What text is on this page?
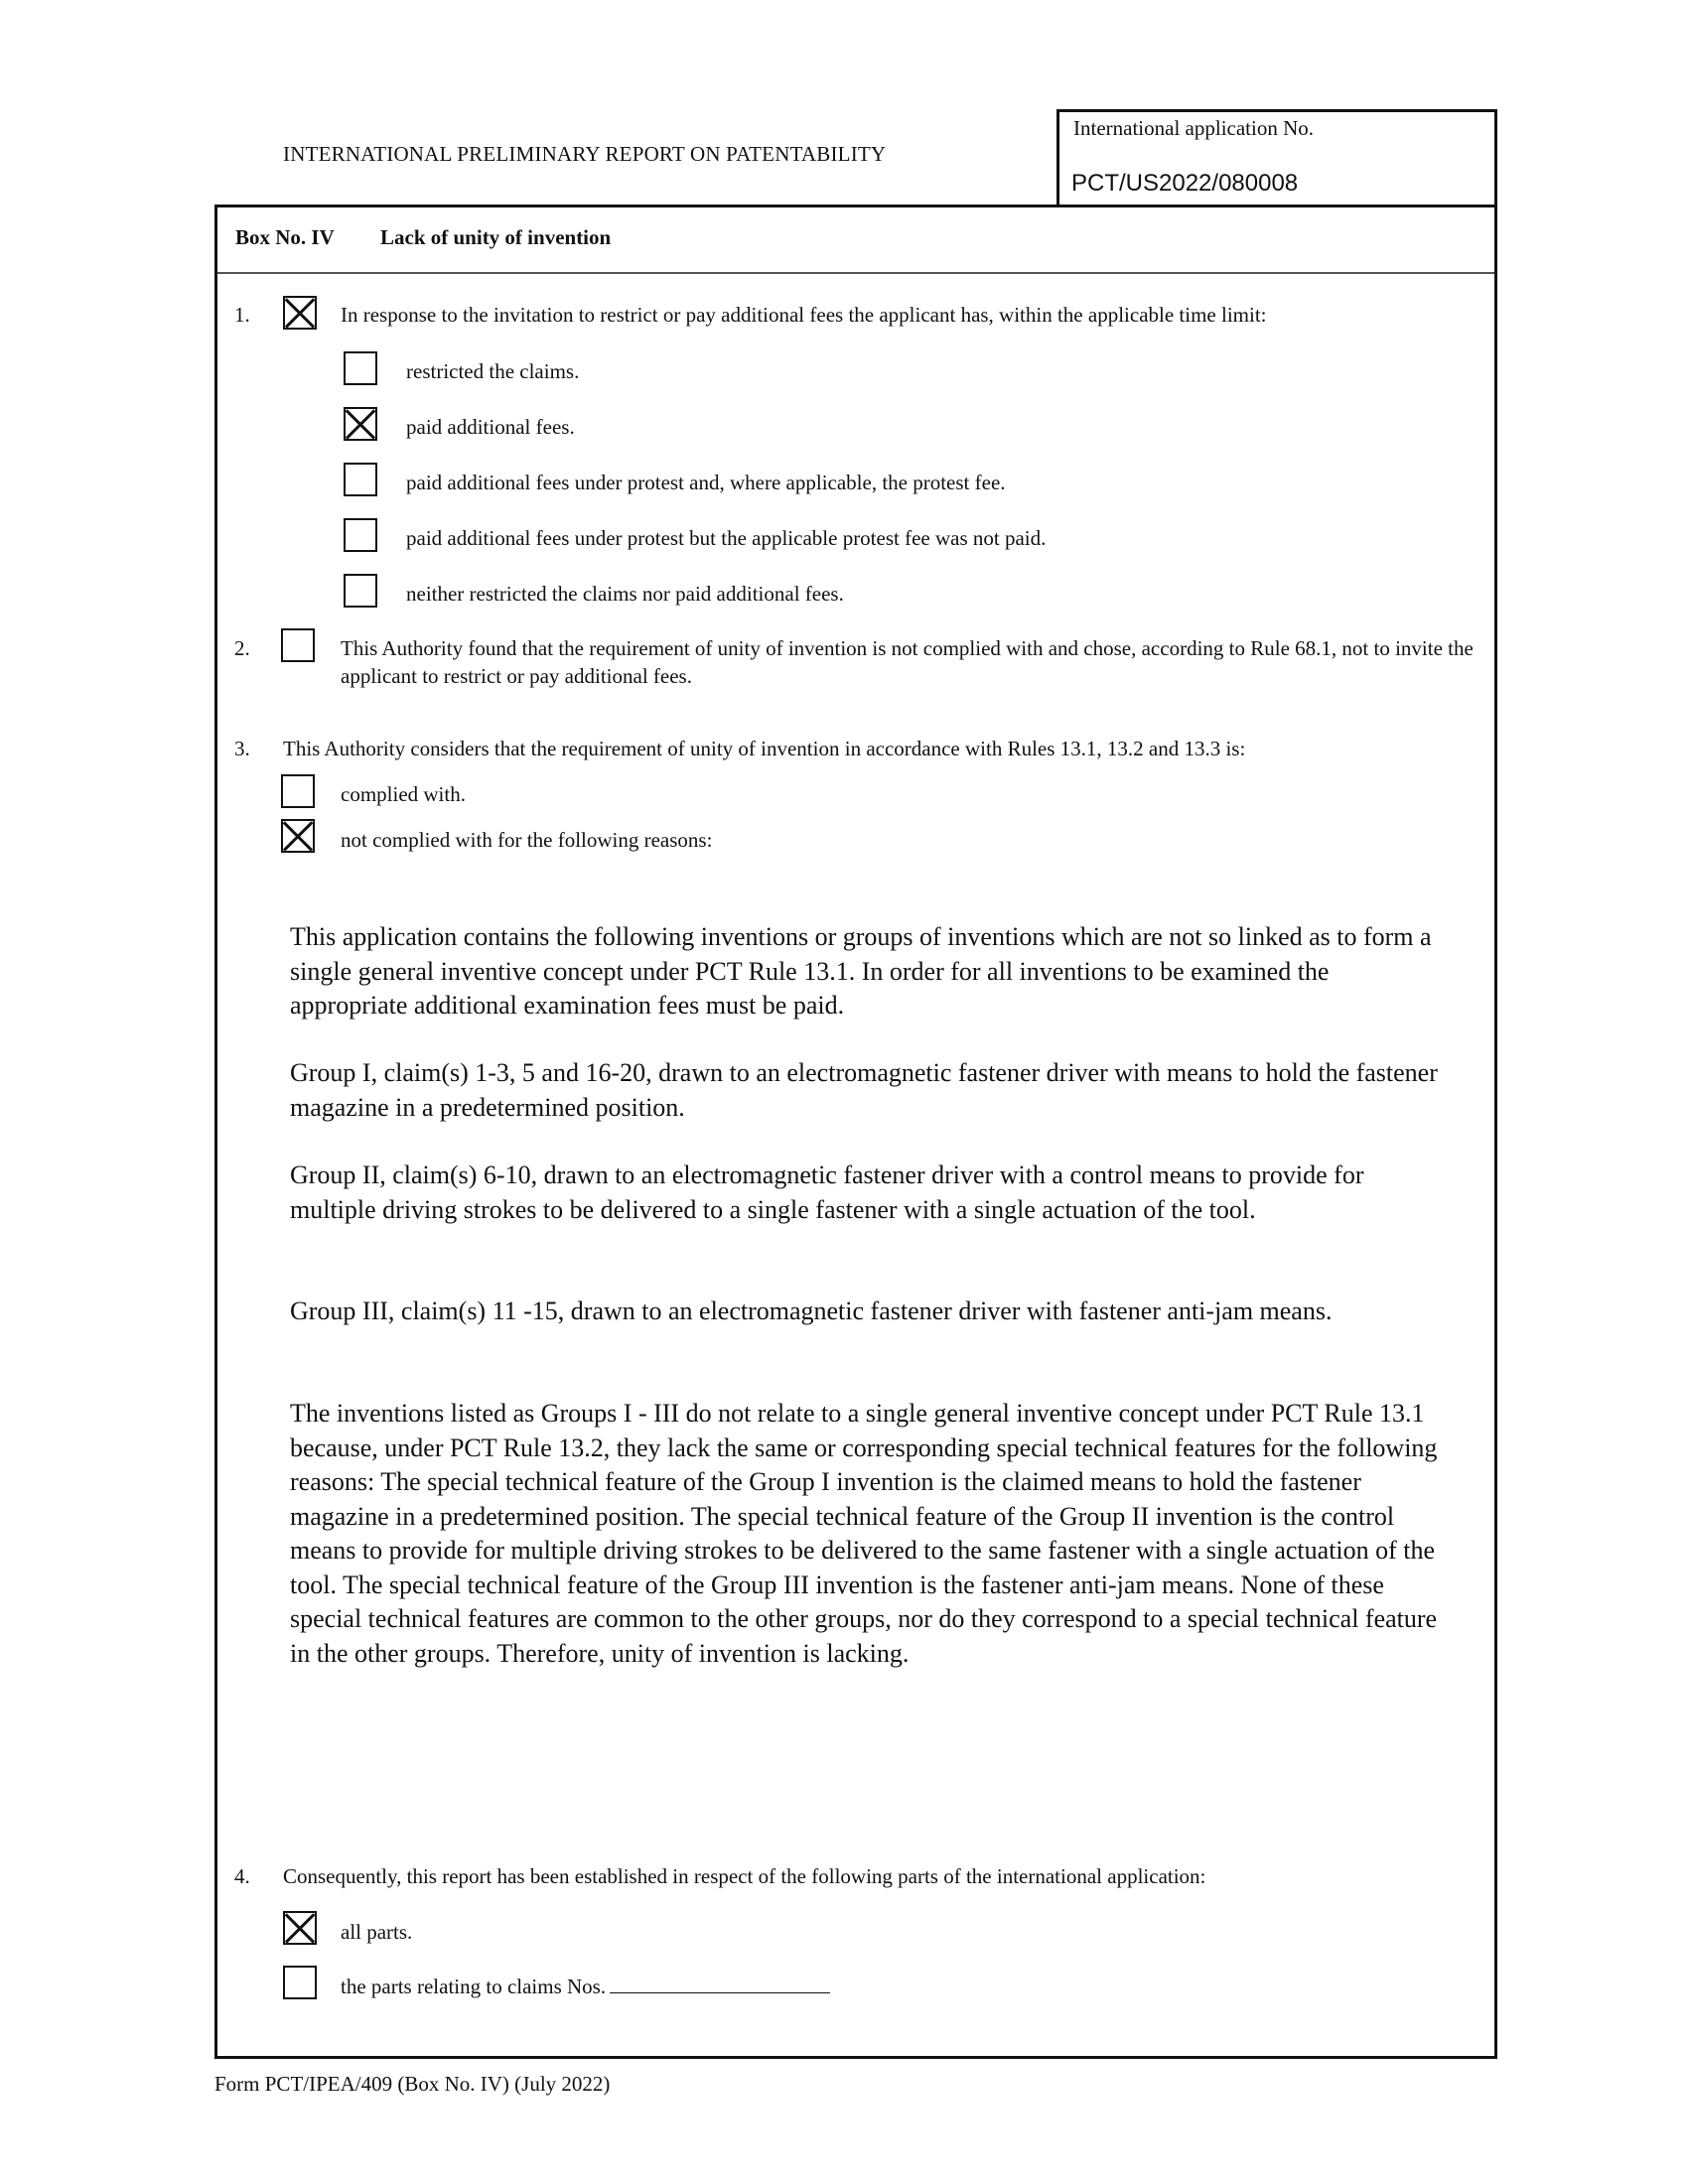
INTERNATIONAL PRELIMINARY REPORT ON PATENTABILITY
International application No.
PCT/US2022/080008
Box No. IV Lack of unity of invention
1.	In response to the invitation to restrict or pay additional fees the applicant has, within the applicable time limit:
restricted the claims.
paid additional fees.
paid additional fees under protest and, where applicable, the protest fee.
paid additional fees under protest but the applicable protest fee was not paid.
neither restricted the claims nor paid additional fees.
2.	This Authority found that the requirement of unity of invention is not complied with and chose, according to Rule 68.1, not to invite the applicant to restrict or pay additional fees.
3. This Authority considers that the requirement of unity of invention in accordance with Rules 13.1, 13.2 and 13.3 is:
complied with.
not complied with for the following reasons:
This application contains the following inventions or groups of inventions which are not so linked as to form a single general inventive concept under PCT Rule 13.1. In order for all inventions to be examined the appropriate additional examination fees must be paid.
Group I, claim(s) 1-3, 5 and 16-20, drawn to an electromagnetic fastener driver with means to hold the fastener magazine in a predetermined position.
Group II, claim(s) 6-10, drawn to an electromagnetic fastener driver with a control means to provide for multiple driving strokes to be delivered to a single fastener with a single actuation of the tool.
Group III, claim(s) 11 -15, drawn to an electromagnetic fastener driver with fastener anti-jam means.
The inventions listed as Groups I - III do not relate to a single general inventive concept under PCT Rule 13.1 because, under PCT Rule 13.2, they lack the same or corresponding special technical features for the following reasons: The special technical feature of the Group I invention is the claimed means to hold the fastener magazine in a predetermined position. The special technical feature of the Group II invention is the control means to provide for multiple driving strokes to be delivered to the same fastener with a single actuation of the tool. The special technical feature of the Group III invention is the fastener anti-jam means. None of these special technical features are common to the other groups, nor do they correspond to a special technical feature in the other groups. Therefore, unity of invention is lacking.
4. Consequently, this report has been established in respect of the following parts of the international application:
all parts.
the parts relating to claims Nos.
Form PCT/IPEA/409 (Box No. IV) (July 2022)
